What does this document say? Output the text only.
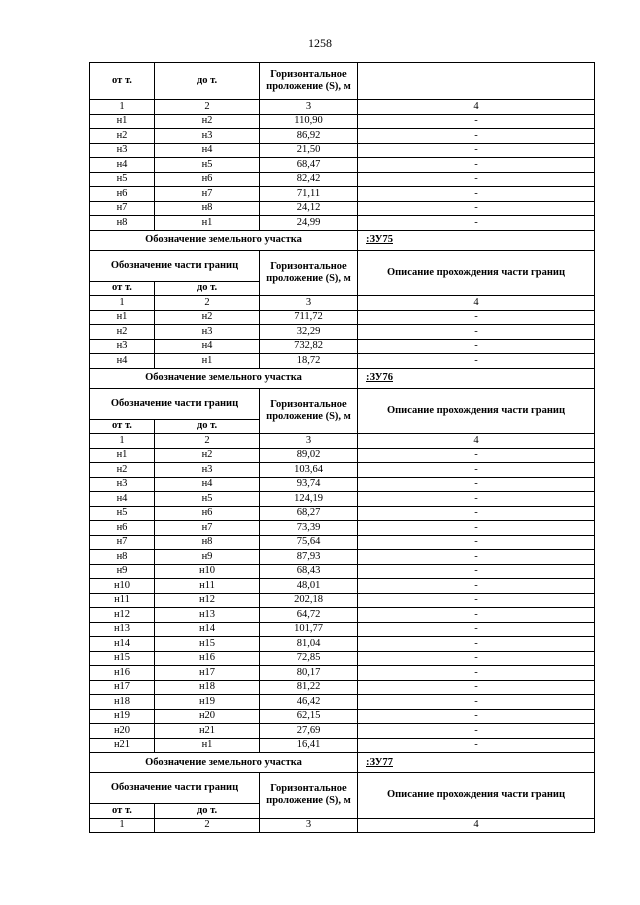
1258
от т.	до т.	Горизонтальное проложение (S), м	
1	2	3	4
н1	н2	110,90	-
н2	н3	86,92	-
н3	н4	21,50	-
н4	н5	68,47	-
н5	н6	82,42	-
н6	н7	71,11	-
н7	н8	24,12	-
н8	н1	24,99	-
Обозначение земельного участка			:ЗУ75
Обозначение части границ		Горизонтальное проложение (S), м	Описание прохождения части границ
от т.	до т.		
1	2	3	4
н1	н2	711,72	-
н2	н3	32,29	-
н3	н4	732,82	-
н4	н1	18,72	-
Обозначение земельного участка			:ЗУ76
Обозначение части границ		Горизонтальное проложение (S), м	Описание прохождения части границ
от т.	до т.		
1	2	3	4
н1	н2	89,02	-
н2	н3	103,64	-
н3	н4	93,74	-
н4	н5	124,19	-
н5	н6	68,27	-
н6	н7	73,39	-
н7	н8	75,64	-
н8	н9	87,93	-
н9	н10	68,43	-
н10	н11	48,01	-
н11	н12	202,18	-
н12	н13	64,72	-
н13	н14	101,77	-
н14	н15	81,04	-
н15	н16	72,85	-
н16	н17	80,17	-
н17	н18	81,22	-
н18	н19	46,42	-
н19	н20	62,15	-
н20	н21	27,69	-
н21	н1	16,41	-
Обозначение земельного участка			:ЗУ77
Обозначение части границ		Горизонтальное проложение (S), м	Описание прохождения части границ
от т.	до т.		
1	2	3	4
